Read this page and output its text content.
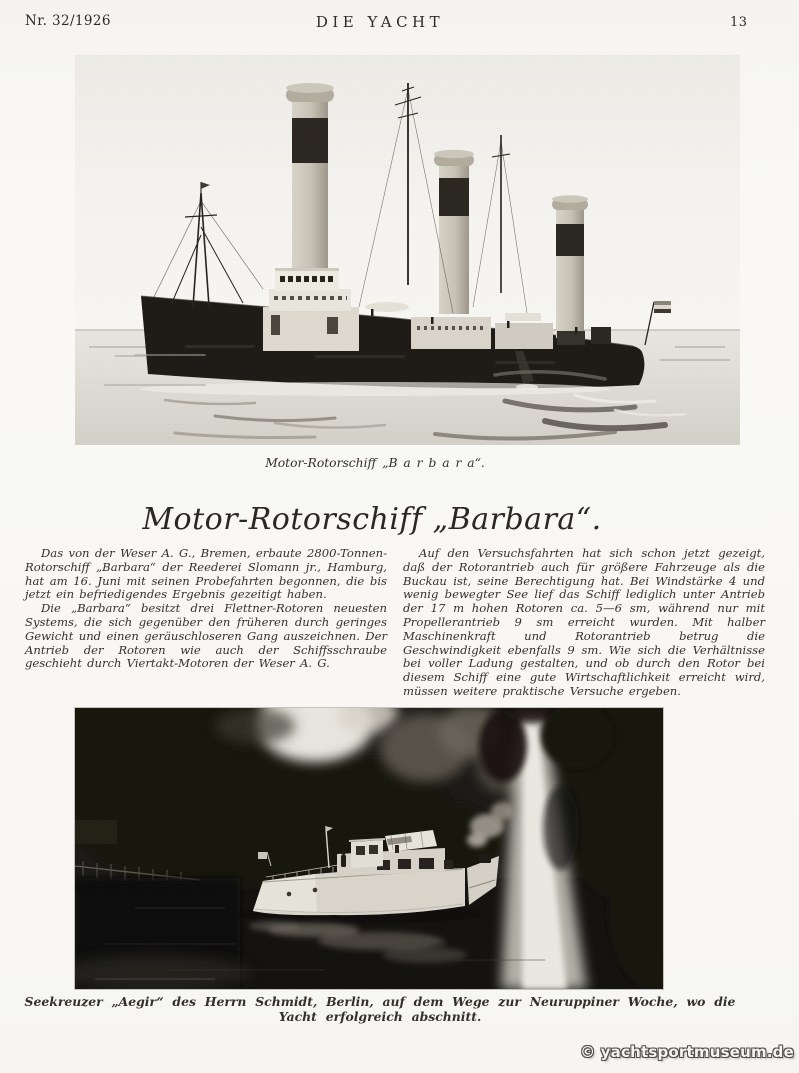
Nr. 32/1926	DIE YACHT	13
Motor-Rotorschiff „B a r b a r a“.
Motor-Rotorschiff „Barbara“.

Das von der Weser A. G., Bremen, erbaute 2800-Tonnen-Rotorschiff „Barbara“ der Reederei Slomann jr., Hamburg, hat am 16. Juni mit seinen Probefahrten begonnen, die bis jetzt ein befriedigendes Ergebnis gezeitigt haben.

Die „Barbara“ besitzt drei Flettner-Rotoren neuesten Systems, die sich gegenüber den früheren durch geringes Gewicht und einen geräuschloseren Gang auszeichnen. Der Antrieb der Rotoren wie auch der Schiffsschraube geschieht durch Viertakt-Motoren der Weser A. G.

Auf den Versuchsfahrten hat sich schon jetzt gezeigt, daß der Rotorantrieb auch für größere Fahrzeuge als die Buckau ist, seine Berechtigung hat. Bei Windstärke 4 und wenig bewegter See lief das Schiff lediglich unter Antrieb der 17 m hohen Rotoren ca. 5—6 sm, während nur mit Propellerantrieb 9 sm erreicht wurden. Mit halber Maschinenkraft und Rotorantrieb betrug die Geschwindigkeit ebenfalls 9 sm. Wie sich die Verhältnisse bei voller Ladung gestalten, und ob durch den Rotor bei diesem Schiff eine gute Wirtschaftlichkeit erreicht wird, müssen weitere praktische Versuche ergeben.

Seekreuzer „Aegir“ des Herrn Schmidt, Berlin, auf dem Wege zur Neuruppiner Woche, wo die Yacht erfolgreich abschnitt.
© yachtsportmuseum.de
